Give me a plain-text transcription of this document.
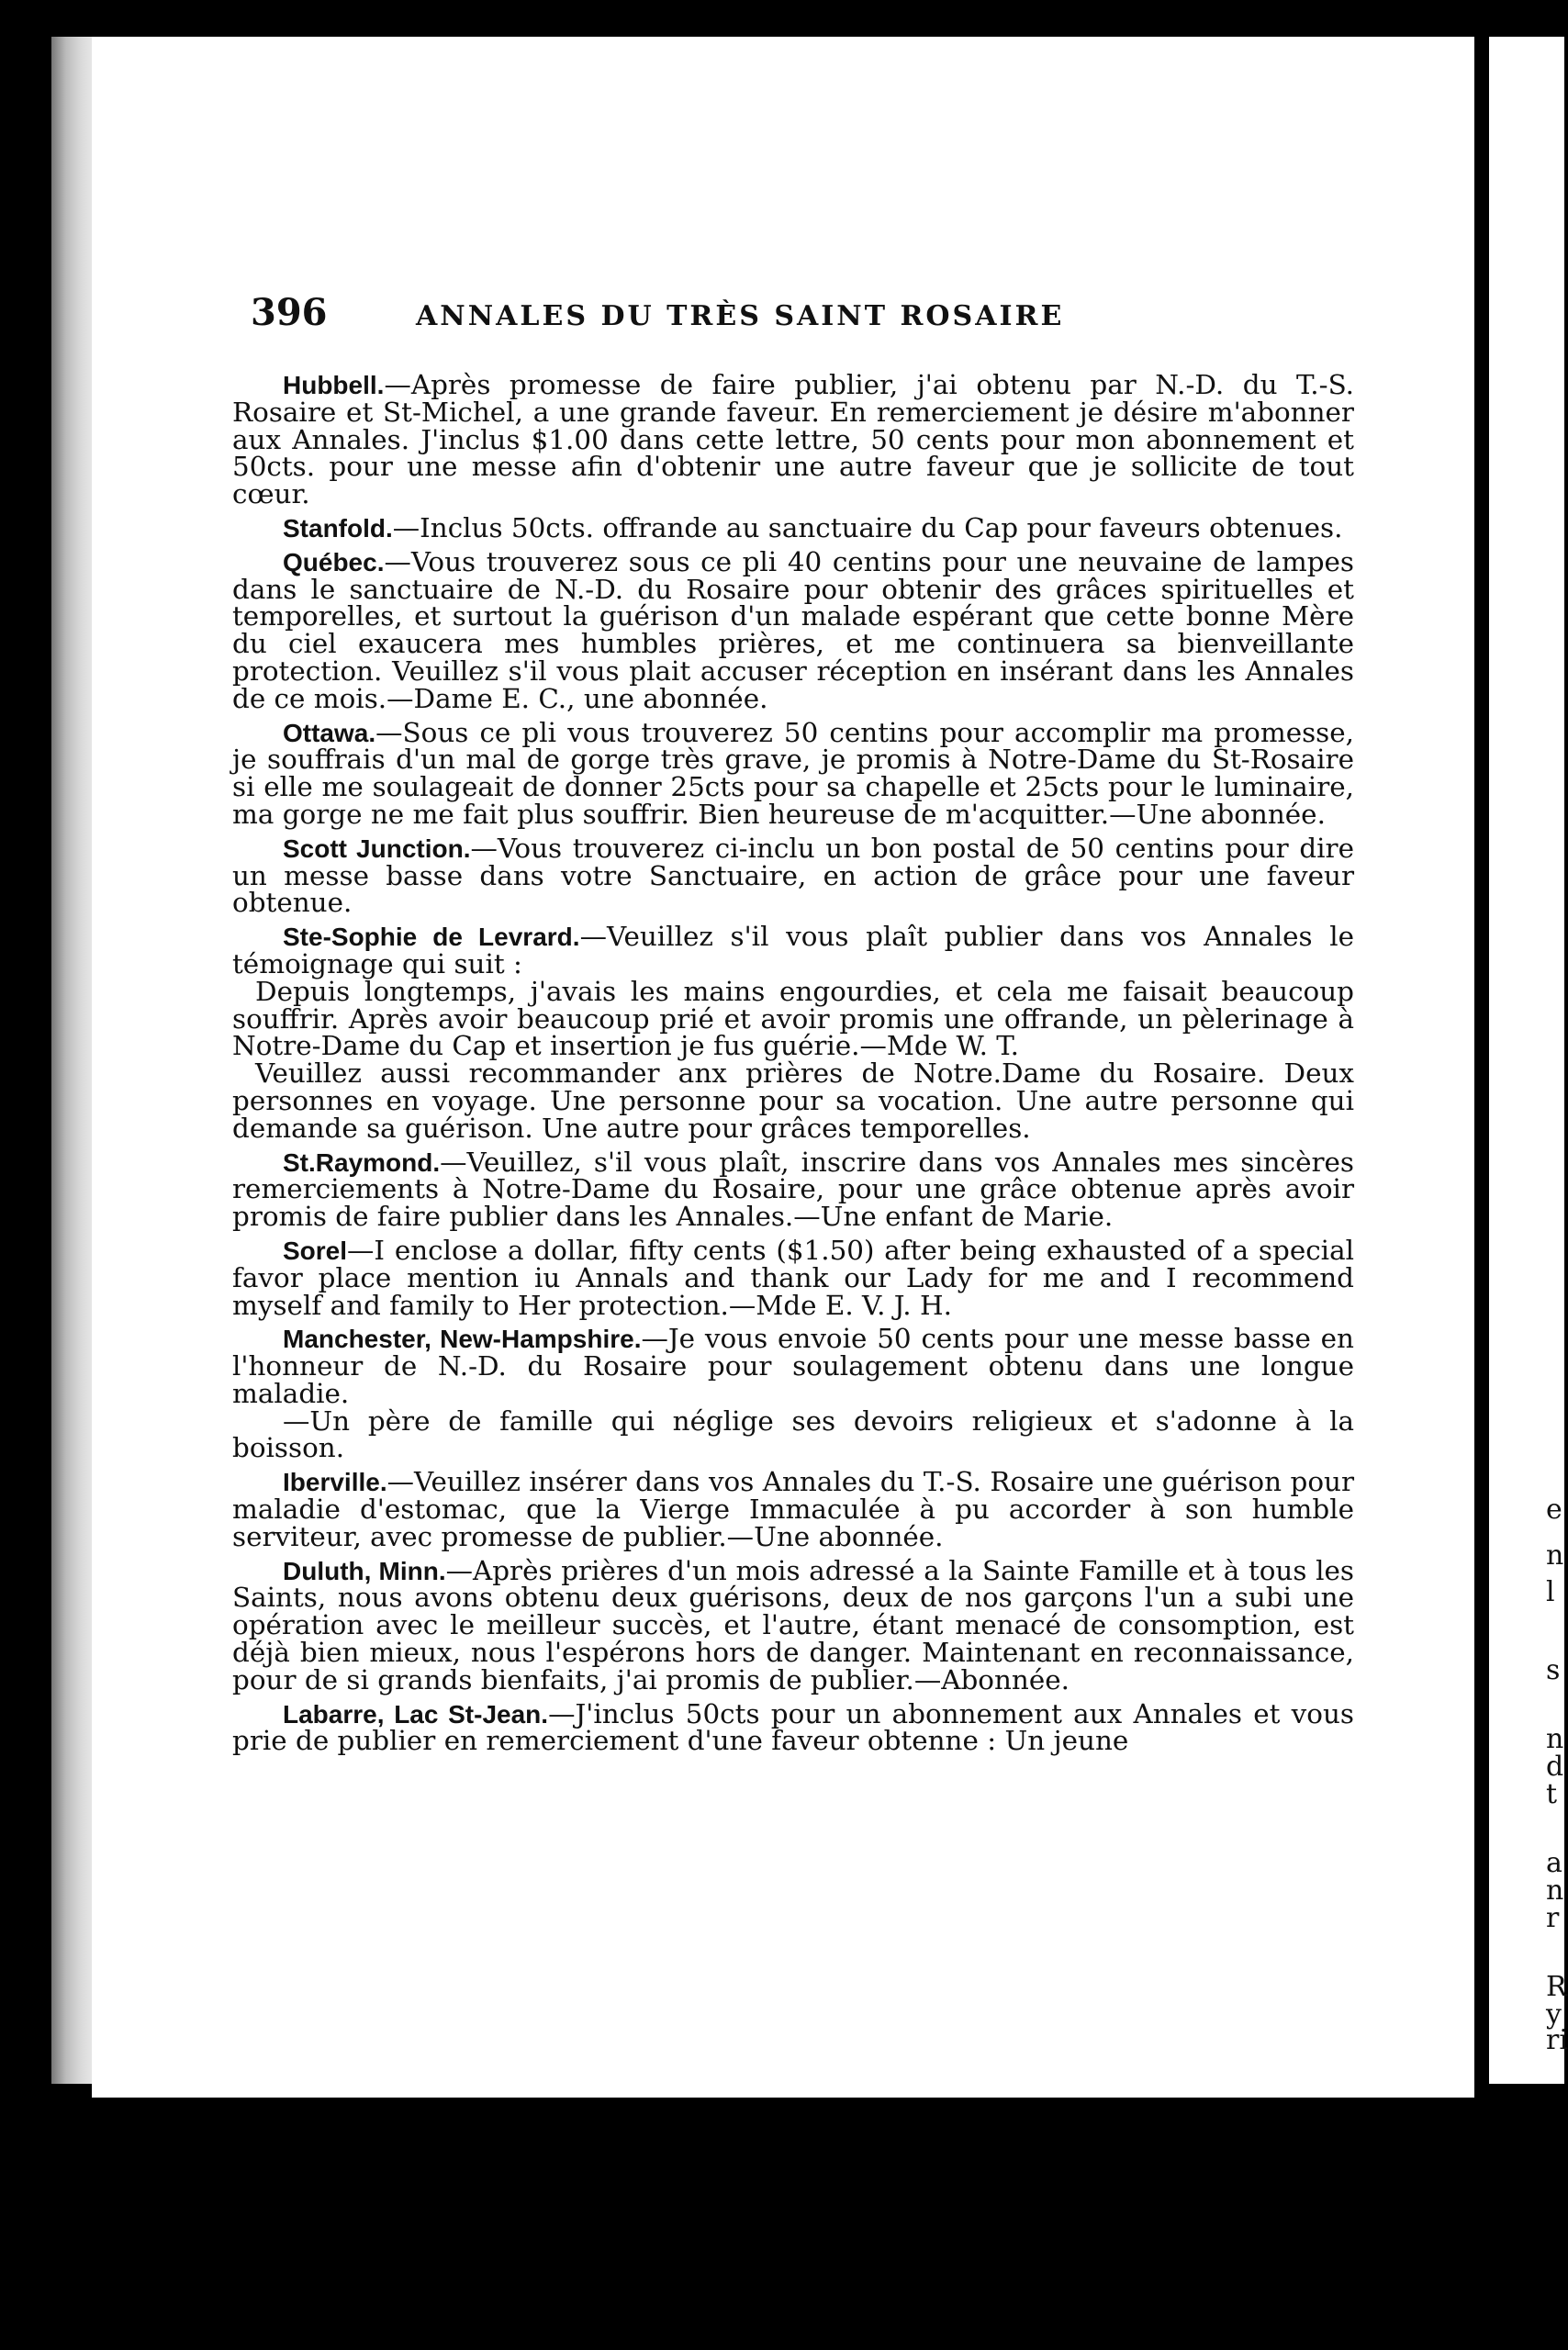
e
n
l
s
n
d
t
a
n
r
R
y
ri
396	ANNALES DU TRÈS SAINT ROSAIRE

Hubbell.—Après promesse de faire publier, j'ai obtenu par N.-D. du T.-S. Rosaire et St-Michel, a une grande faveur. En remerciement je désire m'abonner aux Annales. J'inclus $1.00 dans cette lettre, 50 cents pour mon abonnement et 50cts. pour une messe afin d'obtenir une autre faveur que je sollicite de tout cœur.

Stanfold.—Inclus 50cts. offrande au sanctuaire du Cap pour faveurs obtenues.

Québec.—Vous trouverez sous ce pli 40 centins pour une neuvaine de lampes dans le sanctuaire de N.-D. du Rosaire pour obtenir des grâces spirituelles et temporelles, et surtout la guérison d'un malade espérant que cette bonne Mère du ciel exaucera mes humbles prières, et me continuera sa bienveillante protection. Veuillez s'il vous plait accuser réception en insérant dans les Annales de ce mois.—Dame E. C., une abonnée.

Ottawa.—Sous ce pli vous trouverez 50 centins pour accomplir ma promesse, je souffrais d'un mal de gorge très grave, je promis à Notre-Dame du St-Rosaire si elle me soulageait de donner 25cts pour sa chapelle et 25cts pour le luminaire, ma gorge ne me fait plus souffrir. Bien heureuse de m'acquitter.—Une abonnée.

Scott Junction.—Vous trouverez ci-inclu un bon postal de 50 centins pour dire un messe basse dans votre Sanctuaire, en action de grâce pour une faveur obtenue.

Ste-Sophie de Levrard.—Veuillez s'il vous plaît publier dans vos Annales le témoignage qui suit :

Depuis longtemps, j'avais les mains engourdies, et cela me faisait beaucoup souffrir. Après avoir beaucoup prié et avoir promis une offrande, un pèlerinage à Notre-Dame du Cap et insertion je fus guérie.—Mde W. T.

Veuillez aussi recommander anx prières de Notre.Dame du Rosaire. Deux personnes en voyage. Une personne pour sa vocation. Une autre personne qui demande sa guérison. Une autre pour grâces temporelles.

St.Raymond.—Veuillez, s'il vous plaît, inscrire dans vos Annales mes sincères remerciements à Notre-Dame du Rosaire, pour une grâce obtenue après avoir promis de faire publier dans les Annales.—Une enfant de Marie.

Sorel—I enclose a dollar, fifty cents ($1.50) after being exhausted of a special favor place mention iu Annals and thank our Lady for me and I recommend myself and family to Her protection.—Mde E. V. J. H.

Manchester, New-Hampshire.—Je vous envoie 50 cents pour une messe basse en l'honneur de N.-D. du Rosaire pour soulagement obtenu dans une longue maladie.

—Un père de famille qui néglige ses devoirs religieux et s'adonne à la boisson.

Iberville.—Veuillez insérer dans vos Annales du T.-S. Rosaire une guérison pour maladie d'estomac, que la Vierge Immaculée à pu accorder à son humble serviteur, avec promesse de publier.—Une abonnée.

Duluth, Minn.—Après prières d'un mois adressé a la Sainte Famille et à tous les Saints, nous avons obtenu deux guérisons, deux de nos garçons l'un a subi une opération avec le meilleur succès, et l'autre, étant menacé de consomption, est déjà bien mieux, nous l'espérons hors de danger. Maintenant en reconnaissance, pour de si grands bienfaits, j'ai promis de publier.—Abonnée.

Labarre, Lac St-Jean.—J'inclus 50cts pour un abonnement aux Annales et vous prie de publier en remerciement d'une faveur obtenne : Un jeune
